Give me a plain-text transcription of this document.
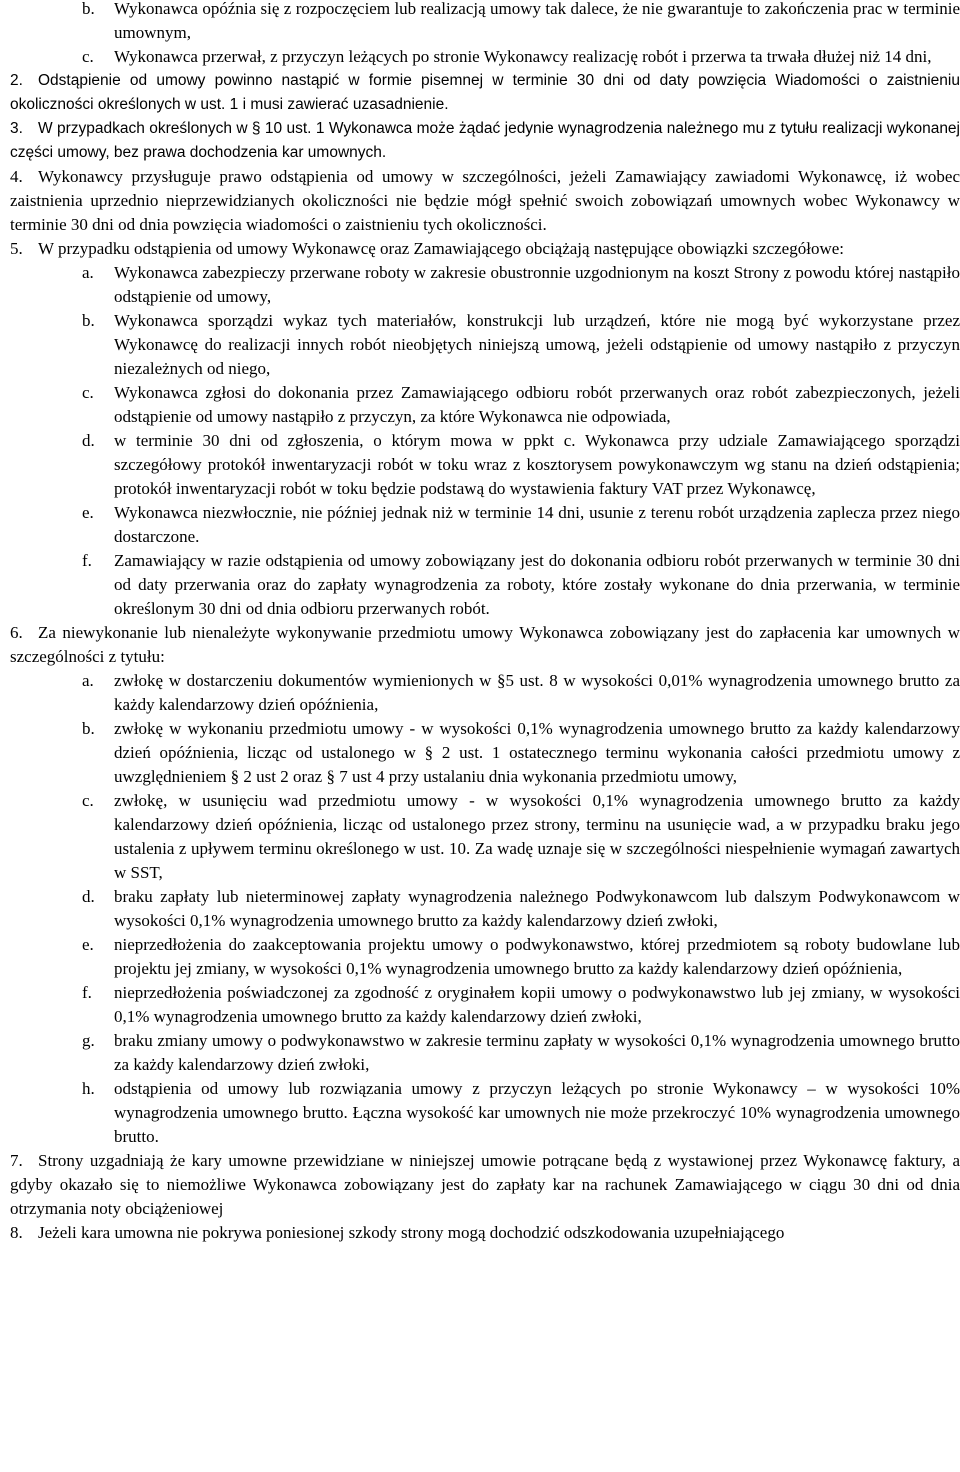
b. Wykonawca opóźnia się z rozpoczęciem lub realizacją umowy tak dalece, że nie gwarantuje to zakończenia prac w terminie umownym,
c. Wykonawca przerwał, z przyczyn leżących po stronie Wykonawcy realizację robót i przerwa ta trwała dłużej niż 14 dni,
2. Odstąpienie od umowy powinno nastąpić w formie pisemnej w terminie 30 dni od daty powzięcia Wiadomości o zaistnieniu okoliczności określonych w ust. 1 i musi zawierać uzasadnienie.
3. W przypadkach określonych w § 10 ust. 1 Wykonawca może żądać jedynie wynagrodzenia należnego mu z tytułu realizacji wykonanej części umowy, bez prawa dochodzenia kar umownych.
4. Wykonawcy przysługuje prawo odstąpienia od umowy w szczególności, jeżeli Zamawiający zawiadomi Wykonawcę, iż wobec zaistnienia uprzednio nieprzewidzianych okoliczności nie będzie mógł spełnić swoich zobowiązań umownych wobec Wykonawcy w terminie 30 dni od dnia powzięcia wiadomości o zaistnieniu tych okoliczności.
5. W przypadku odstąpienia od umowy Wykonawcę oraz Zamawiającego obciążają następujące obowiązki szczegółowe:
a. Wykonawca zabezpieczy przerwane roboty w zakresie obustronnie uzgodnionym na koszt Strony z powodu której nastąpiło odstąpienie od umowy,
b. Wykonawca sporządzi wykaz tych materiałów, konstrukcji lub urządzeń, które nie mogą być wykorzystane przez Wykonawcę do realizacji innych robót nieobjętych niniejszą umową, jeżeli odstąpienie od umowy nastąpiło z przyczyn niezależnych od niego,
c. Wykonawca zgłosi do dokonania przez Zamawiającego odbioru robót przerwanych oraz robót zabezpieczonych, jeżeli odstąpienie od umowy nastąpiło z przyczyn, za które Wykonawca nie odpowiada,
d. w terminie 30 dni od zgłoszenia, o którym mowa w ppkt c. Wykonawca przy udziale Zamawiającego sporządzi szczegółowy protokół inwentaryzacji robót w toku wraz z kosztorysem powykonawczym wg stanu na dzień odstąpienia; protokół inwentaryzacji robót w toku będzie podstawą do wystawienia faktury VAT przez Wykonawcę,
e. Wykonawca niezwłocznie, nie później jednak niż w terminie 14 dni, usunie z terenu robót urządzenia zaplecza przez niego dostarczone.
f. Zamawiający w razie odstąpienia od umowy zobowiązany jest do dokonania odbioru robót przerwanych w terminie 30 dni od daty przerwania oraz do zapłaty wynagrodzenia za roboty, które zostały wykonane do dnia przerwania, w terminie określonym 30 dni od dnia odbioru przerwanych robót.
6. Za niewykonanie lub nienależyte wykonywanie przedmiotu umowy Wykonawca zobowiązany jest do zapłacenia kar umownych w szczególności z tytułu:
a. zwłokę w dostarczeniu dokumentów wymienionych w §5 ust. 8 w wysokości 0,01% wynagrodzenia umownego brutto za każdy kalendarzowy dzień opóźnienia,
b. zwłokę w wykonaniu przedmiotu umowy - w wysokości 0,1% wynagrodzenia umownego brutto za każdy kalendarzowy dzień opóźnienia, licząc od ustalonego w § 2 ust. 1 ostatecznego terminu wykonania całości przedmiotu umowy z uwzględnieniem § 2 ust 2 oraz § 7 ust 4 przy ustalaniu dnia wykonania przedmiotu umowy,
c. zwłokę, w usunięciu wad przedmiotu umowy - w wysokości 0,1% wynagrodzenia umownego brutto za każdy kalendarzowy dzień opóźnienia, licząc od ustalonego przez strony, terminu na usunięcie wad, a w przypadku braku jego ustalenia z upływem terminu określonego w ust. 10. Za wadę uznaje się w szczególności niespełnienie wymagań zawartych w SST,
d. braku zapłaty lub nieterminowej zapłaty wynagrodzenia należnego Podwykonawcom lub dalszym Podwykonawcom w wysokości 0,1% wynagrodzenia umownego brutto za każdy kalendarzowy dzień zwłoki,
e. nieprzedłożenia do zaakceptowania projektu umowy o podwykonawstwo, której przedmiotem są roboty budowlane lub projektu jej zmiany, w wysokości 0,1% wynagrodzenia umownego brutto za każdy kalendarzowy dzień opóźnienia,
f. nieprzedłożenia poświadczonej za zgodność z oryginałem kopii umowy o podwykonawstwo lub jej zmiany, w wysokości 0,1% wynagrodzenia umownego brutto za każdy kalendarzowy dzień zwłoki,
g. braku zmiany umowy o podwykonawstwo w zakresie terminu zapłaty w wysokości 0,1% wynagrodzenia umownego brutto za każdy kalendarzowy dzień zwłoki,
h. odstąpienia od umowy lub rozwiązania umowy z przyczyn leżących po stronie Wykonawcy – w wysokości 10% wynagrodzenia umownego brutto. Łączna wysokość kar umownych nie może przekroczyć 10% wynagrodzenia umownego brutto.
7. Strony uzgadniają że kary umowne przewidziane w niniejszej umowie potrącane będą z wystawionej przez Wykonawcę faktury, a gdyby okazało się to niemożliwe Wykonawca zobowiązany jest do zapłaty kar na rachunek Zamawiającego w ciągu 30 dni od dnia otrzymania noty obciążeniowej
8. Jeżeli kara umowna nie pokrywa poniesionej szkody strony mogą dochodzić odszkodowania uzupełniającego
